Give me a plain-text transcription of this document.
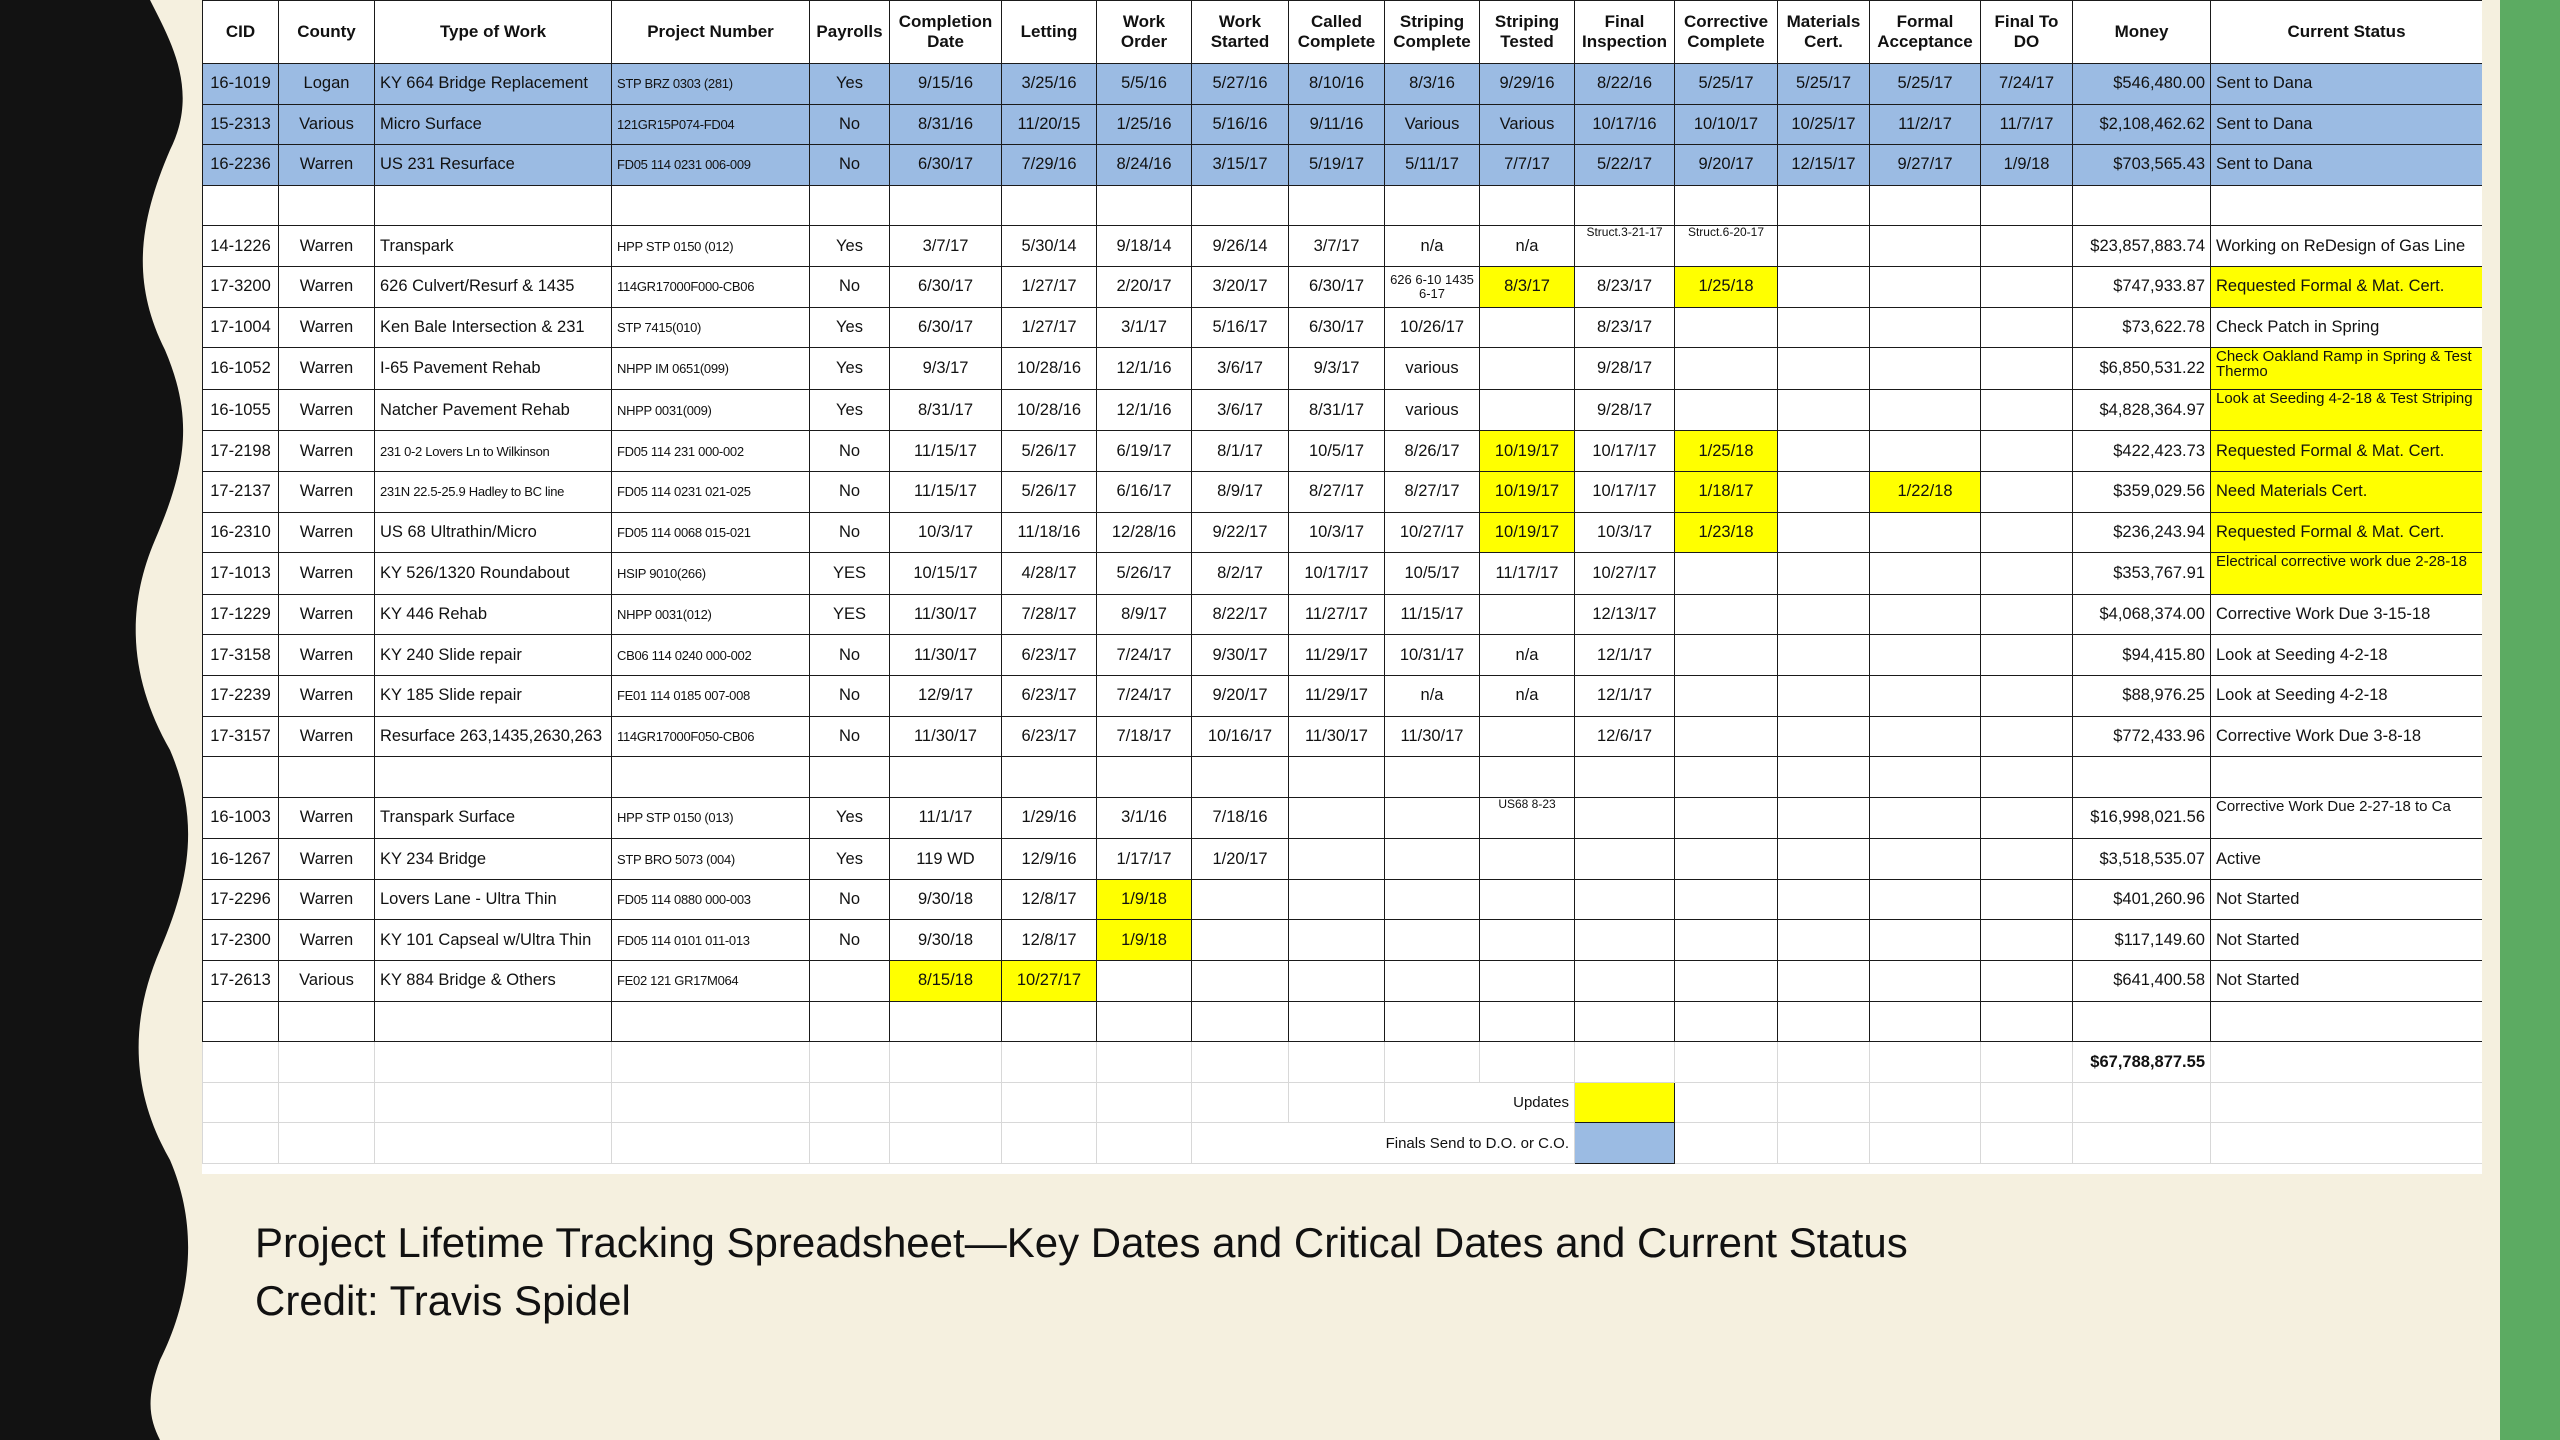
CID	County	Type of Work	Project Number	Payrolls	Completion Date	Letting	Work Order	Work Started	Called Complete	Striping Complete	Striping Tested	Final Inspection	Corrective Complete	Materials Cert.	Formal Acceptance	Final To DO	Money	Current Status
16-1019	Logan	KY 664 Bridge Replacement	STP BRZ 0303 (281)	Yes	9/15/16	3/25/16	5/5/16	5/27/16	8/10/16	8/3/16	9/29/16	8/22/16	5/25/17	5/25/17	5/25/17	7/24/17	$546,480.00	Sent to Dana
15-2313	Various	Micro Surface	121GR15P074-FD04	No	8/31/16	11/20/15	1/25/16	5/16/16	9/11/16	Various	Various	10/17/16	10/10/17	10/25/17	11/2/17	11/7/17	$2,108,462.62	Sent to Dana
16-2236	Warren	US 231 Resurface	FD05 114 0231 006-009	No	6/30/17	7/29/16	8/24/16	3/15/17	5/19/17	5/11/17	7/7/17	5/22/17	9/20/17	12/15/17	9/27/17	1/9/18	$703,565.43	Sent to Dana

14-1226	Warren	Transpark	HPP STP 0150 (012)	Yes	3/7/17	5/30/14	9/18/14	9/26/14	3/7/17	n/a	n/a	Struct.3-21-17	Struct.6-20-17				$23,857,883.74	Working on ReDesign of Gas Line
17-3200	Warren	626 Culvert/Resurf & 1435	114GR17000F000-CB06	No	6/30/17	1/27/17	2/20/17	3/20/17	6/30/17	626 6-10 1435 6-17	8/3/17	8/23/17	1/25/18				$747,933.87	Requested Formal & Mat. Cert.
17-1004	Warren	Ken Bale Intersection & 231	STP 7415(010)	Yes	6/30/17	1/27/17	3/1/17	5/16/17	6/30/17	10/26/17		8/23/17					$73,622.78	Check Patch in Spring
16-1052	Warren	I-65 Pavement Rehab	NHPP IM 0651(099)	Yes	9/3/17	10/28/16	12/1/16	3/6/17	9/3/17	various		9/28/17					$6,850,531.22	Check Oakland Ramp in Spring & Test Thermo
16-1055	Warren	Natcher Pavement Rehab	NHPP 0031(009)	Yes	8/31/17	10/28/16	12/1/16	3/6/17	8/31/17	various		9/28/17					$4,828,364.97	Look at Seeding 4-2-18 & Test Striping
17-2198	Warren	231 0-2 Lovers Ln to Wilkinson	FD05 114 231 000-002	No	11/15/17	5/26/17	6/19/17	8/1/17	10/5/17	8/26/17	10/19/17	10/17/17	1/25/18				$422,423.73	Requested Formal & Mat. Cert.
17-2137	Warren	231N 22.5-25.9 Hadley to BC line	FD05 114 0231 021-025	No	11/15/17	5/26/17	6/16/17	8/9/17	8/27/17	8/27/17	10/19/17	10/17/17	1/18/17		1/22/18		$359,029.56	Need Materials Cert.
16-2310	Warren	US 68 Ultrathin/Micro	FD05 114 0068 015-021	No	10/3/17	11/18/16	12/28/16	9/22/17	10/3/17	10/27/17	10/19/17	10/3/17	1/23/18				$236,243.94	Requested Formal & Mat. Cert.
17-1013	Warren	KY 526/1320 Roundabout	HSIP 9010(266)	YES	10/15/17	4/28/17	5/26/17	8/2/17	10/17/17	10/5/17	11/17/17	10/27/17					$353,767.91	Electrical corrective work due 2-28-18
17-1229	Warren	KY 446 Rehab	NHPP 0031(012)	YES	11/30/17	7/28/17	8/9/17	8/22/17	11/27/17	11/15/17		12/13/17					$4,068,374.00	Corrective Work Due 3-15-18
17-3158	Warren	KY 240 Slide repair	CB06 114 0240 000-002	No	11/30/17	6/23/17	7/24/17	9/30/17	11/29/17	10/31/17	n/a	12/1/17					$94,415.80	Look at Seeding 4-2-18
17-2239	Warren	KY 185 Slide repair	FE01 114 0185 007-008	No	12/9/17	6/23/17	7/24/17	9/20/17	11/29/17	n/a	n/a	12/1/17					$88,976.25	Look at Seeding 4-2-18
17-3157	Warren	Resurface 263,1435,2630,263	114GR17000F050-CB06	No	11/30/17	6/23/17	7/18/17	10/16/17	11/30/17	11/30/17		12/6/17					$772,433.96	Corrective Work Due 3-8-18

16-1003	Warren	Transpark Surface	HPP STP 0150 (013)	Yes	11/1/17	1/29/16	3/1/16	7/18/16			US68 8-23						$16,998,021.56	Corrective Work Due 2-27-18 to Ca
16-1267	Warren	KY 234 Bridge	STP BRO 5073 (004)	Yes	119 WD	12/9/16	1/17/17	1/20/17									$3,518,535.07	Active
17-2296	Warren	Lovers Lane - Ultra Thin	FD05 114 0880 000-003	No	9/30/18	12/8/17	1/9/18										$401,260.96	Not Started
17-2300	Warren	KY 101 Capseal w/Ultra Thin	FD05 114 0101 011-013	No	9/30/18	12/8/17	1/9/18										$117,149.60	Not Started
17-2613	Various	KY 884 Bridge & Others	FE02 121 GR17M064		8/15/18	10/27/17											$641,400.58	Not Started

																	$67,788,877.55	
										Updates								
								Finals Send to D.O. or C.O.										
Project Lifetime Tracking Spreadsheet—Key Dates and Critical Dates and Current Status
Credit: Travis Spidel
